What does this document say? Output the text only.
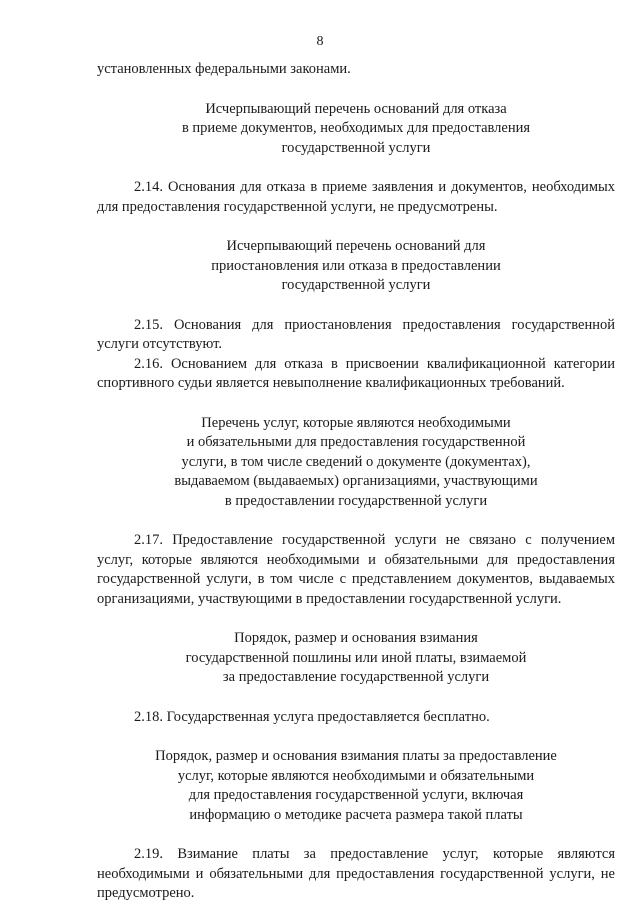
8

установленных федеральными законами.

Исчерпывающий перечень оснований для отказа
в приеме документов, необходимых для предоставления
государственной услуги

2.14. Основания для отказа в приеме заявления и документов, необходимых для предоставления государственной услуги, не предусмотрены.

Исчерпывающий перечень оснований для
приостановления или отказа в предоставлении
государственной услуги

2.15. Основания для приостановления предоставления государственной услуги отсутствуют.

2.16. Основанием для отказа в присвоении квалификационной категории спортивного судьи является невыполнение квалификационных требований.

Перечень услуг, которые являются необходимыми
и обязательными для предоставления государственной
услуги, в том числе сведений о документе (документах),
выдаваемом (выдаваемых) организациями, участвующими
в предоставлении государственной услуги

2.17. Предоставление государственной услуги не связано с получением услуг, которые являются необходимыми и обязательными для предоставления государственной услуги, в том числе с представлением документов, выдаваемых организациями, участвующими в предоставлении государственной услуги.

Порядок, размер и основания взимания
государственной пошлины или иной платы, взимаемой
за предоставление государственной услуги

2.18. Государственная услуга предоставляется бесплатно.

Порядок, размер и основания взимания платы за предоставление
услуг, которые являются необходимыми и обязательными
для предоставления государственной услуги, включая
информацию о методике расчета размера такой платы

2.19. Взимание платы за предоставление услуг, которые являются необходимыми и обязательными для предоставления государственной услуги, не предусмотрено.
